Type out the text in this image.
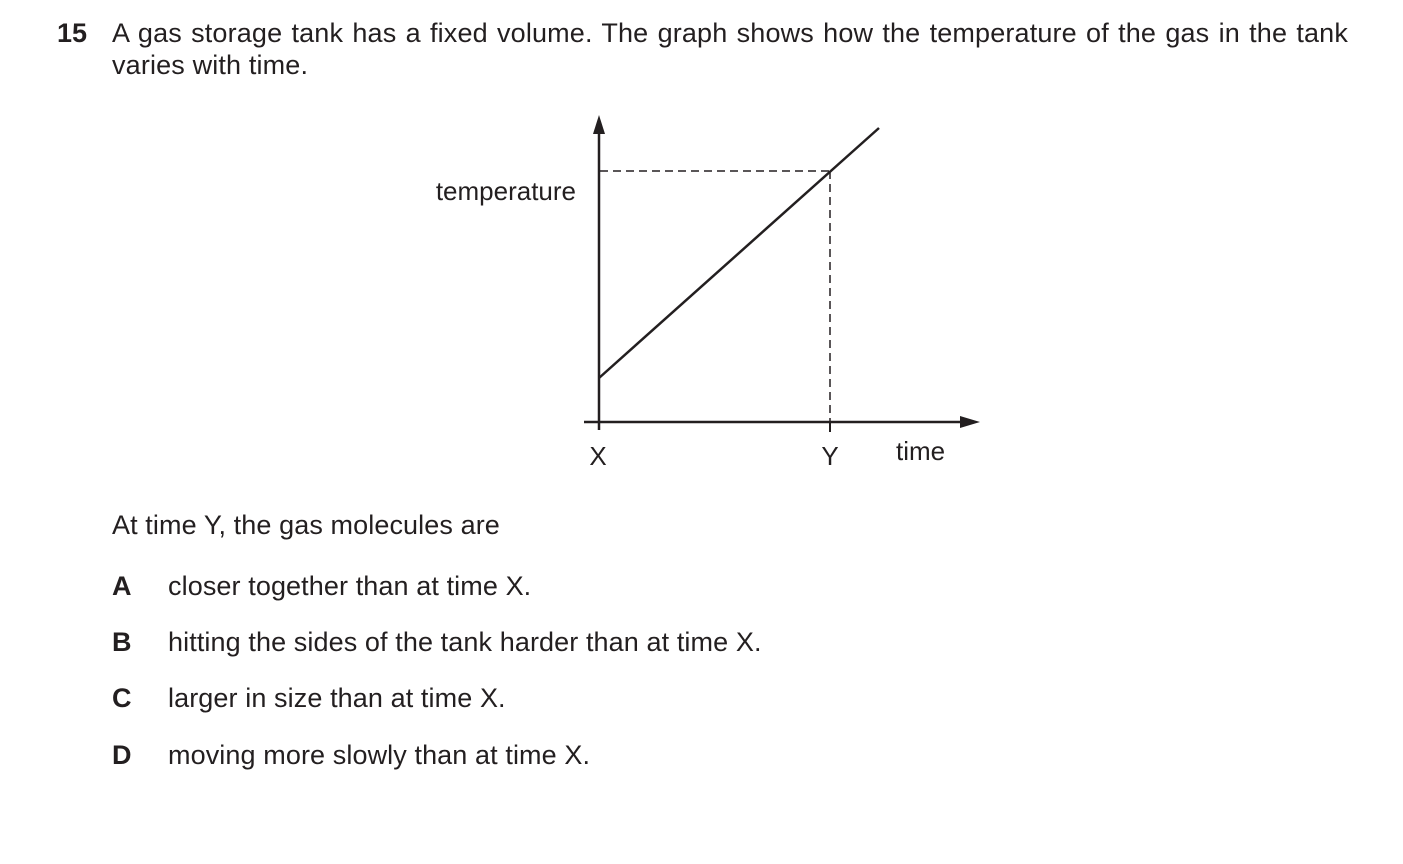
15 A gas storage tank has a fixed volume. The graph shows how the temperature of the gas in the tank varies with time.
temperature
time
X	Y
At time Y, the gas molecules are
A closer together than at time X.
B hitting the sides of the tank harder than at time X.
C larger in size than at time X.
D moving more slowly than at time X.
